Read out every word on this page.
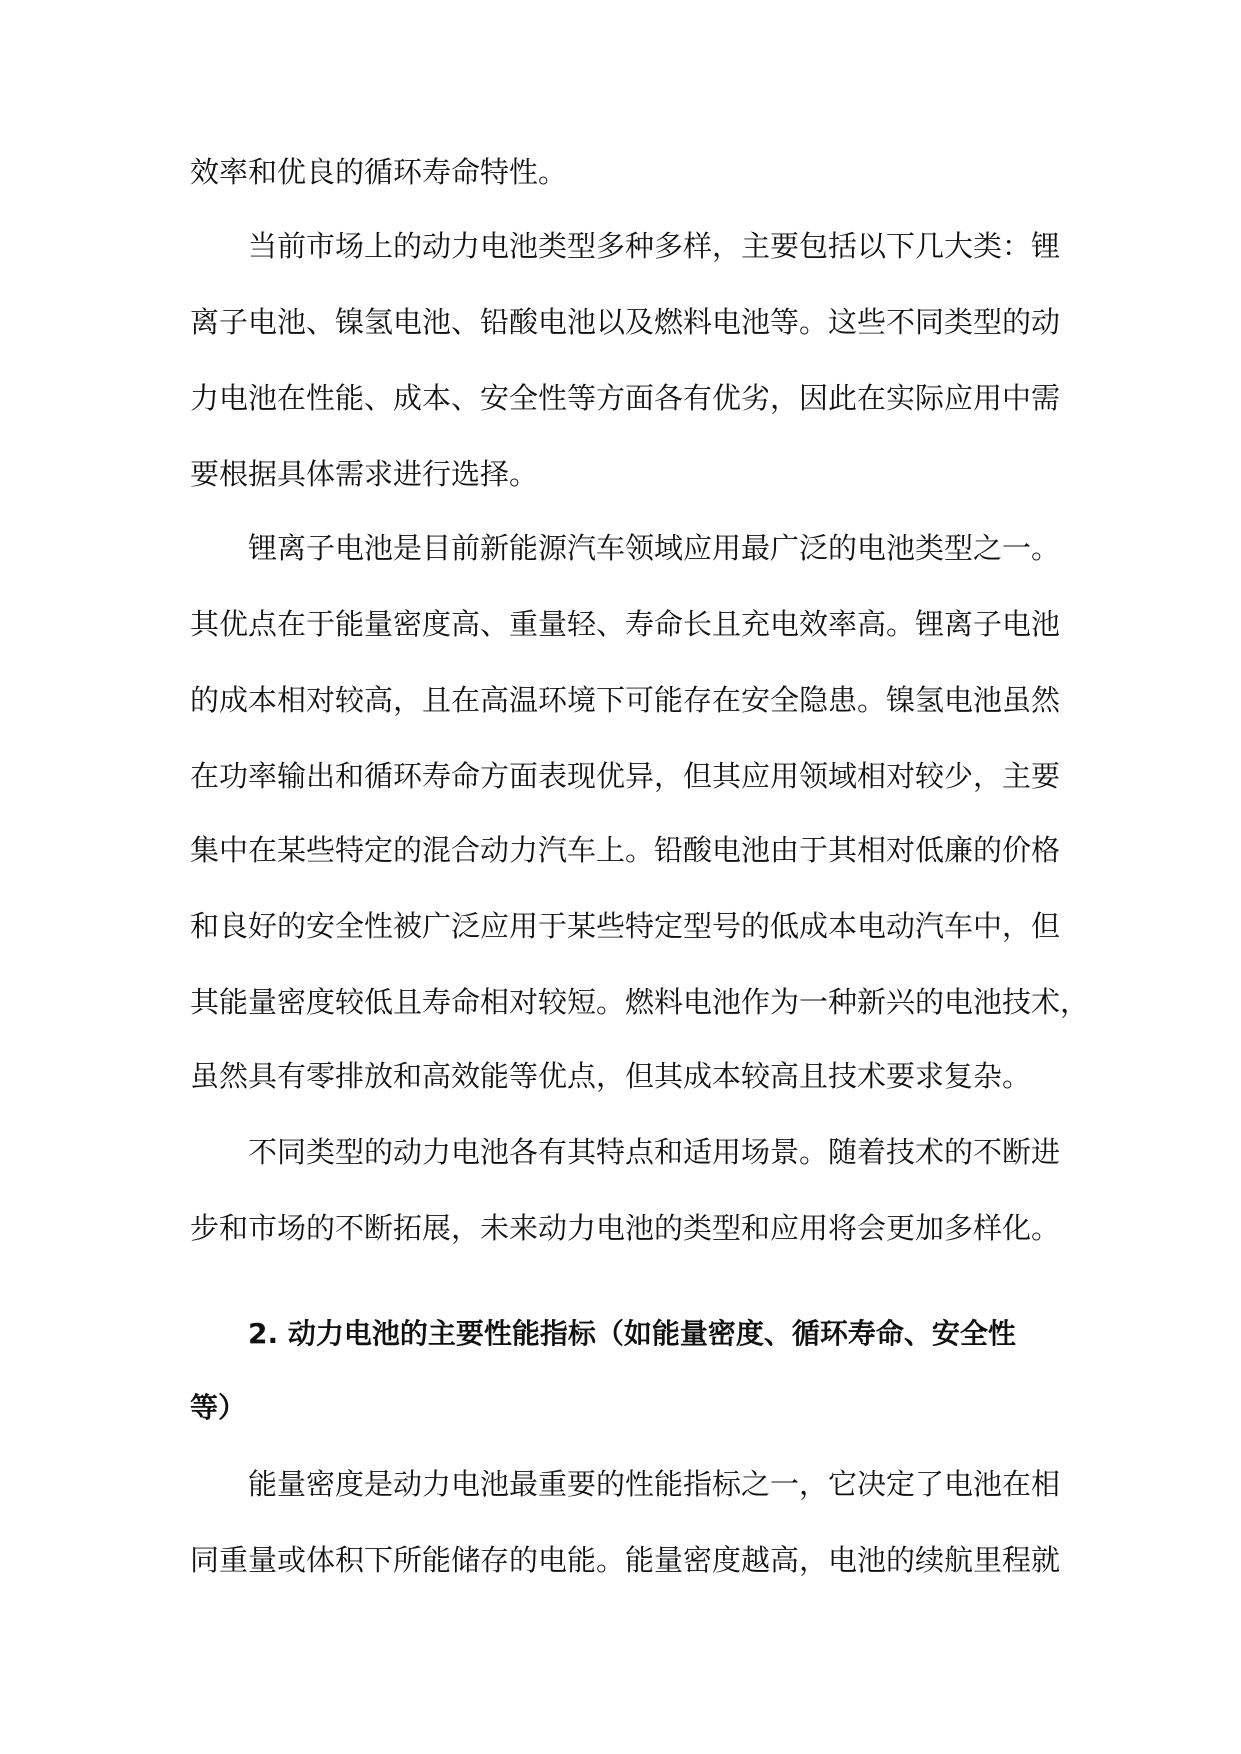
效率和优良的循环寿命特性。
当前市场上的动力电池类型多种多样，主要包括以下几大类：锂
离子电池、镍氢电池、铅酸电池以及燃料电池等。这些不同类型的动
力电池在性能、成本、安全性等方面各有优劣，因此在实际应用中需
要根据具体需求进行选择。
锂离子电池是目前新能源汽车领域应用最广泛的电池类型之一。
其优点在于能量密度高、重量轻、寿命长且充电效率高。锂离子电池
的成本相对较高，且在高温环境下可能存在安全隐患。镍氢电池虽然
在功率输出和循环寿命方面表现优异，但其应用领域相对较少，主要
集中在某些特定的混合动力汽车上。铅酸电池由于其相对低廉的价格
和良好的安全性被广泛应用于某些特定型号的低成本电动汽车中，但
其能量密度较低且寿命相对较短。燃料电池作为一种新兴的电池技术，
虽然具有零排放和高效能等优点，但其成本较高且技术要求复杂。
不同类型的动力电池各有其特点和适用场景。随着技术的不断进
步和市场的不断拓展，未来动力电池的类型和应用将会更加多样化。
2. 动力电池的主要性能指标（如能量密度、循环寿命、安全性
等）
能量密度是动力电池最重要的性能指标之一，它决定了电池在相
同重量或体积下所能储存的电能。能量密度越高，电池的续航里程就
